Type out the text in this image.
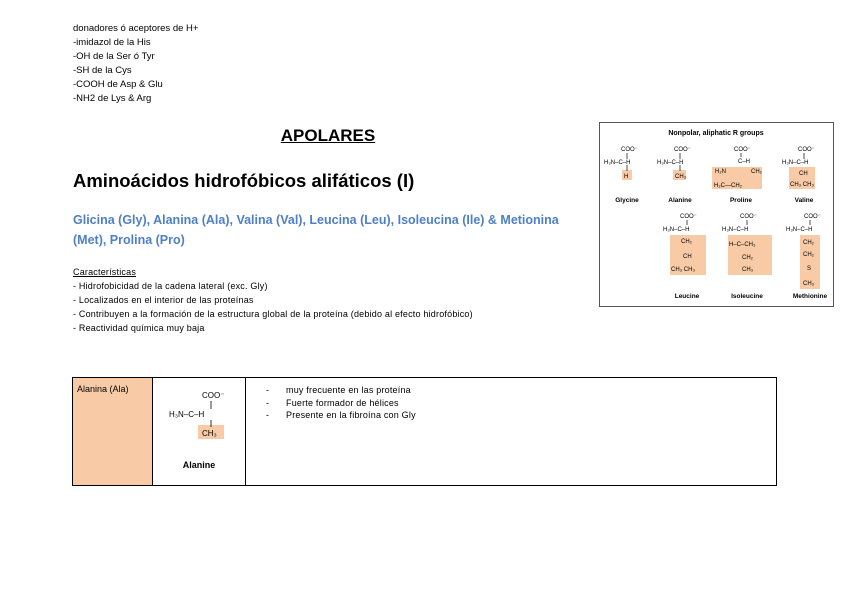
donadores ó aceptores de H+
-imidazol de la His
-OH de la Ser ó Tyr
-SH de la Cys
-COOH de Asp & Glu
-NH2 de Lys & Arg
APOLARES
Aminoácidos hidrofóbicos alifáticos (I)
Glicina (Gly), Alanina (Ala), Valina (Val), Leucina (Leu), Isoleucina (Ile) & Metionina (Met), Prolina (Pro)
Características
- Hidrofobicidad de la cadena lateral (exc. Gly)
- Localizados en el interior de las proteínas
- Contribuyen a la formación de la estructura global de la proteína (debido al efecto hidrofóbico)
- Reactividad química muy baja
Nonpolar, aliphatic R groups
COO⁻
H₃N–C–H
H
Glycine
COO⁻
H₃N–C–H
CH₃
Alanine
COO⁻
C–H
H₂N	CH₂
H₂C—CH₂
Proline
COO⁻
H₃N–C–H
CH
CH₃ CH₃
Valine
COO⁻
H₃N–C–H
CH₂
CH
CH₃ CH₃
Leucine
COO⁻
H₃N–C–H
H–C–CH₃
CH₂
CH₃
Isoleucine
COO⁻
H₃N–C–H
CH₂
CH₂
S
CH₃
Methionine
Alanina (Ala)
COO⁻
H₃N–C–H
CH₃
Alanine
- muy frecuente en las proteína
- Fuerte formador de hélices
- Presente en la fibroína con Gly
